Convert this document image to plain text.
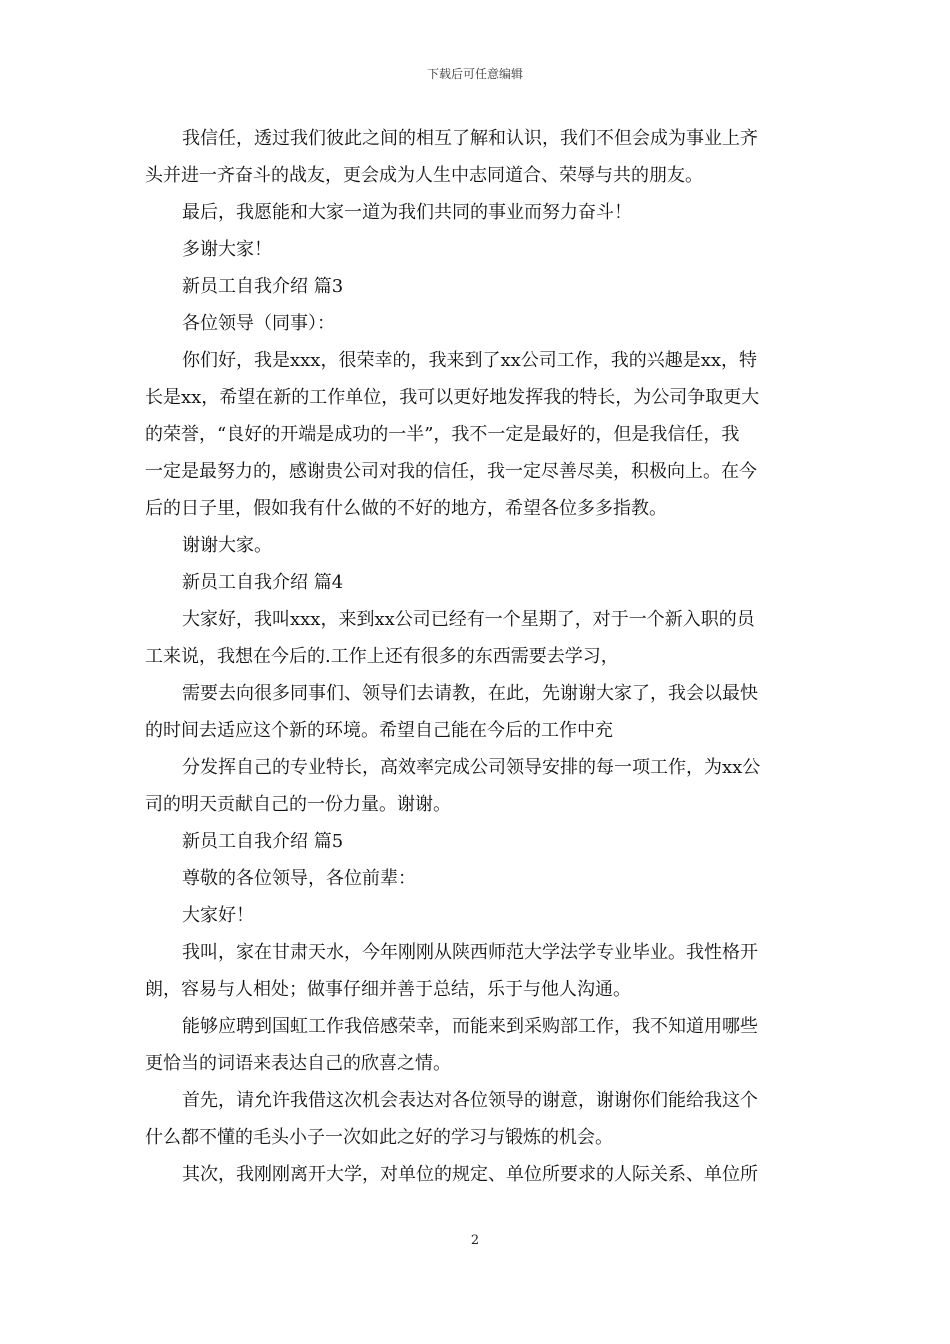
下载后可任意编辑
我信任，透过我们彼此之间的相互了解和认识，我们不但会成为事业上齐
头并进一齐奋斗的战友，更会成为人生中志同道合、荣辱与共的朋友。
最后，我愿能和大家一道为我们共同的事业而努力奋斗！
多谢大家！
新员工自我介绍 篇3
各位领导（同事）：
你们好，我是xxx，很荣幸的，我来到了xx公司工作，我的兴趣是xx，特
长是xx，希望在新的工作单位，我可以更好地发挥我的特长，为公司争取更大
的荣誉，“良好的开端是成功的一半”，我不一定是最好的，但是我信任，我
一定是最努力的，感谢贵公司对我的信任，我一定尽善尽美，积极向上。在今
后的日子里，假如我有什么做的不好的地方，希望各位多多指教。
谢谢大家。
新员工自我介绍 篇4
大家好，我叫xxx，来到xx公司已经有一个星期了，对于一个新入职的员
工来说，我想在今后的.工作上还有很多的东西需要去学习，
需要去向很多同事们、领导们去请教，在此，先谢谢大家了，我会以最快
的时间去适应这个新的环境。希望自己能在今后的工作中充
分发挥自己的专业特长，高效率完成公司领导安排的每一项工作，为xx公
司的明天贡献自己的一份力量。谢谢。
新员工自我介绍 篇5
尊敬的各位领导，各位前辈：
大家好！
我叫，家在甘肃天水，今年刚刚从陕西师范大学法学专业毕业。我性格开
朗，容易与人相处；做事仔细并善于总结，乐于与他人沟通。
能够应聘到国虹工作我倍感荣幸，而能来到采购部工作，我不知道用哪些
更恰当的词语来表达自己的欣喜之情。
首先，请允许我借这次机会表达对各位领导的谢意，谢谢你们能给我这个
什么都不懂的毛头小子一次如此之好的学习与锻炼的机会。
其次，我刚刚离开大学，对单位的规定、单位所要求的人际关系、单位所
2
